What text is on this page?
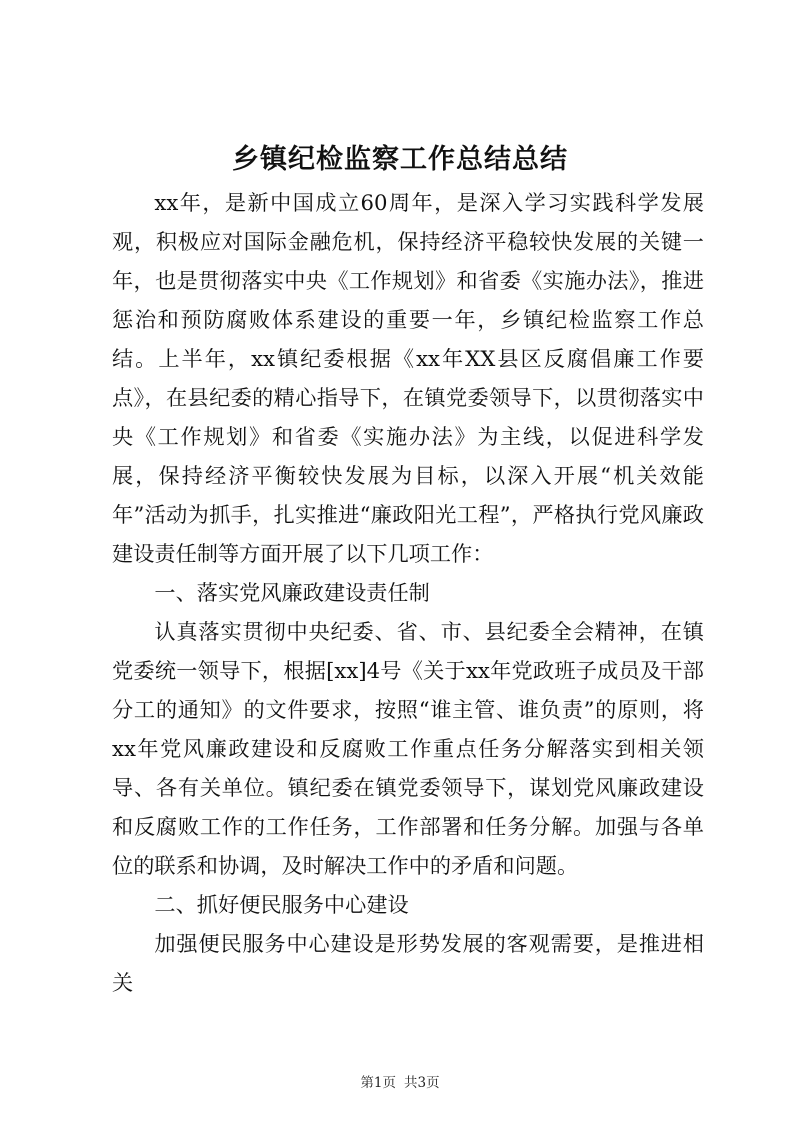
乡镇纪检监察工作总结总结

xx年，是新中国成立60周年，是深入学习实践科学发展观，积极应对国际金融危机，保持经济平稳较快发展的关键一年，也是贯彻落实中央《工作规划》和省委《实施办法》，推进惩治和预防腐败体系建设的重要一年，乡镇纪检监察工作总结。上半年，xx镇纪委根据《xx年XX县区反腐倡廉工作要点》，在县纪委的精心指导下，在镇党委领导下，以贯彻落实中央《工作规划》和省委《实施办法》为主线，以促进科学发展，保持经济平衡较快发展为目标，以深入开展“机关效能年”活动为抓手，扎实推进“廉政阳光工程”，严格执行党风廉政建设责任制等方面开展了以下几项工作：

一、落实党风廉政建设责任制

认真落实贯彻中央纪委、省、市、县纪委全会精神，在镇党委统一领导下，根据[xx]4号《关于xx年党政班子成员及干部分工的通知》的文件要求，按照“谁主管、谁负责”的原则，将xx年党风廉政建设和反腐败工作重点任务分解落实到相关领导、各有关单位。镇纪委在镇党委领导下，谋划党风廉政建设和反腐败工作的工作任务，工作部署和任务分解。加强与各单位的联系和协调，及时解决工作中的矛盾和问题。

二、抓好便民服务中心建设

加强便民服务中心建设是形势发展的客观需要，是推进相关

第1页 共3页
